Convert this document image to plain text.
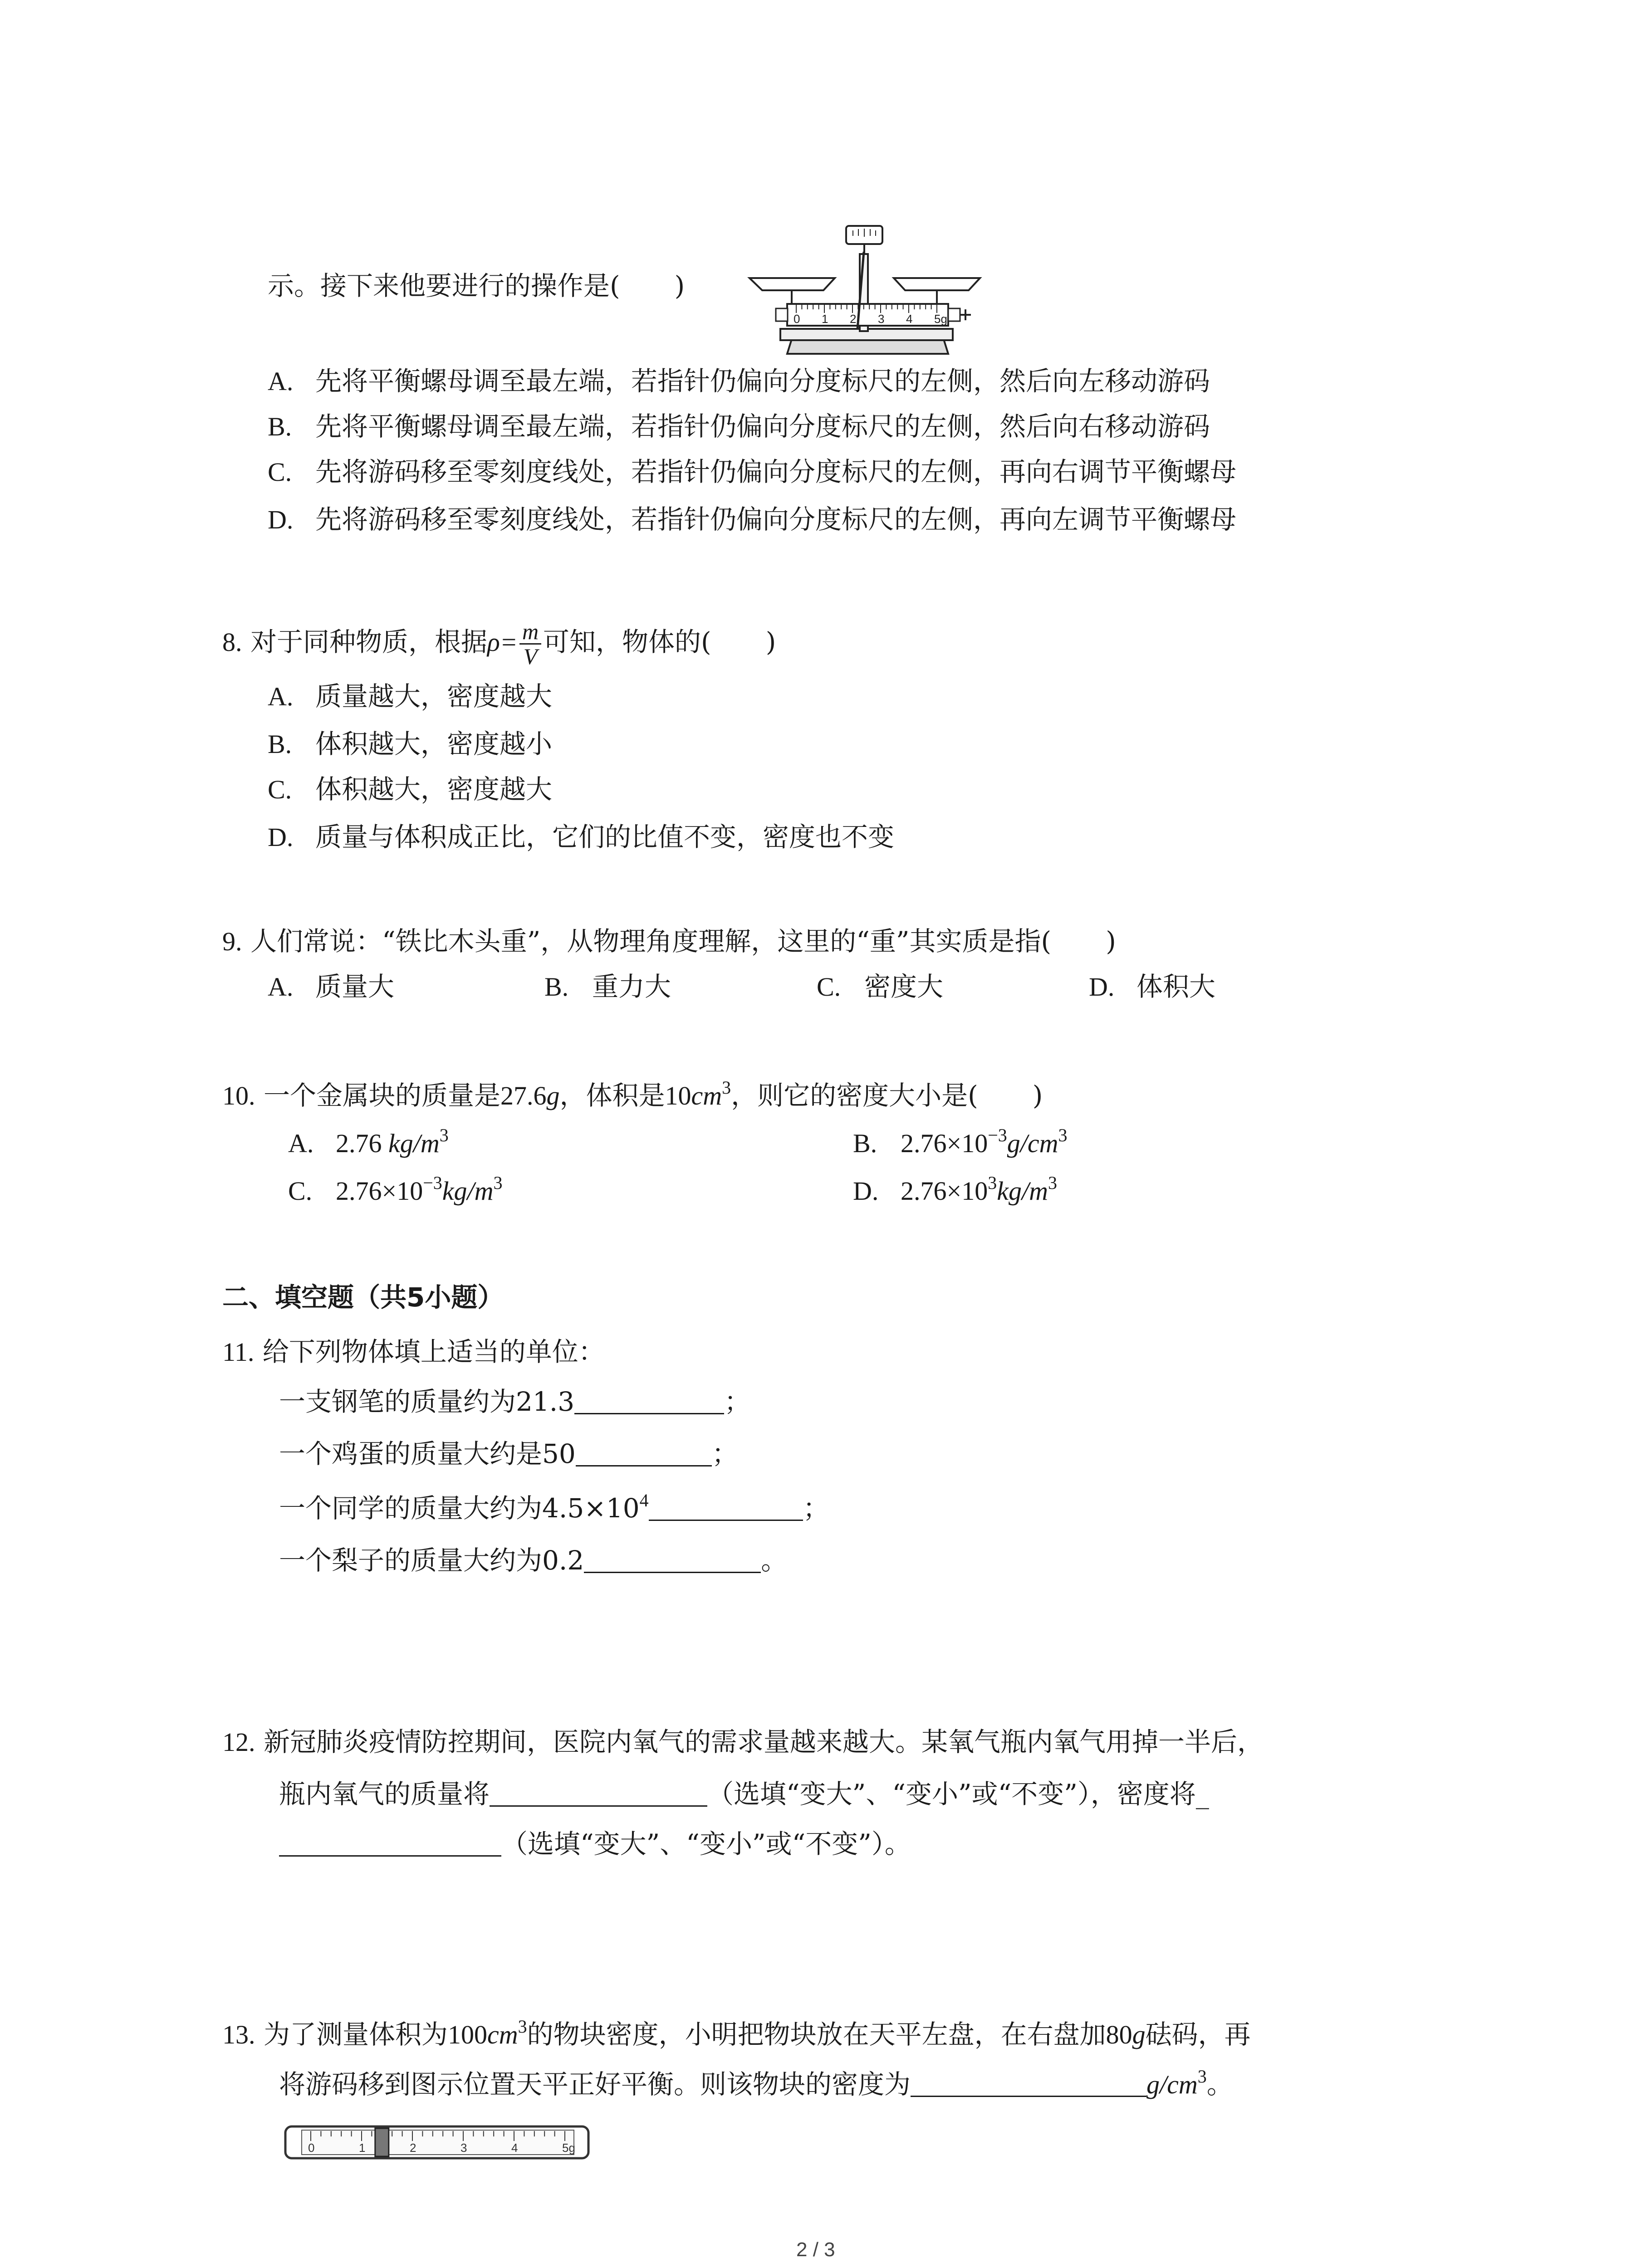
示。接下来他要进行的操作是( )
0 1 2 3 4 5g
A. 先将平衡螺母调至最左端，若指针仍偏向分度标尺的左侧，然后向左移动游码
B. 先将平衡螺母调至最左端，若指针仍偏向分度标尺的左侧，然后向右移动游码
C. 先将游码移至零刻度线处，若指针仍偏向分度标尺的左侧，再向右调节平衡螺母
D. 先将游码移至零刻度线处，若指针仍偏向分度标尺的左侧，再向左调节平衡螺母
8. 对于同种物质，根据$\rho= \frac{m}{V}$ 可知，物体的( )
A. 质量越大，密度越大
B. 体积越大，密度越小
C. 体积越大，密度越大
D. 质量与体积成正比，它们的比值不变，密度也不变
9. 人们常说：“铁比木头重”，从物理角度理解，这里的“重”其实质是指( )
A. 质量大	B. 重力大	C. 密度大	D. 体积大
10. 一个金属块的质量是27.6g，体积是$10cm^3$，则它的密度大小是( )
A. 2.76 $kg/m^3$	B. $2.76\times 10^{-3}g/cm^3$
C. $2.76\times 10^{-3}kg/m^3$	D. $2.76\times 10^3kg/m^3$
二、填空题（共5小题）
11. 给下列物体填上适当的单位：
一支钢笔的质量约为21.3	；
一个鸡蛋的质量大约是50	；
一个同学的质量大约为$4.5\times 10^4$	；
一个梨子的质量大约为0.2	。
12. 新冠肺炎疫情防控期间，医院内氧气的需求量越来越大。某氧气瓶内氧气用掉一半后，
瓶内氧气的质量将	（选填“变大”、“变小”或“不变”），密度将_
（选填“变大”、“变小”或“不变”）。
13. 为了测量体积为$100cm^3$的物块密度，小明把物块放在天平左盘，在右盘加80g砝码，再
将游码移到图示位置天平正好平衡。则该物块的密度为	$g/cm^3$。
0	1	2	3	4	5g
2 / 3
